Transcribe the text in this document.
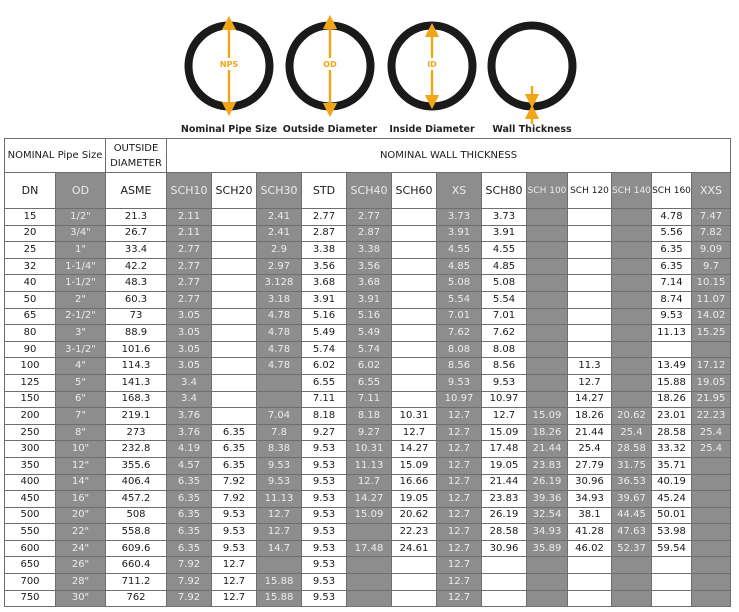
NPS
Nominal Pipe Size
OD
Outside Diameter
ID
Inside Diameter Wall Thickness
NOMINAL Pipe Size		OUTSIDE DIAMETER	NOMINAL WALL THICKNESS												
DN	OD	ASME	SCH10	SCH20	SCH30	STD	SCH40	SCH60	XS	SCH80	SCH 100	SCH 120	SCH 140	SCH 160	XXS
15	1/2"	21.3	2.11		2.41	2.77	2.77		3.73	3.73				4.78	7.47
20	3/4"	26.7	2.11		2.41	2.87	2.87		3.91	3.91				5.56	7.82
25	1"	33.4	2.77		2.9	3.38	3.38		4.55	4.55				6.35	9.09
32	1-1/4"	42.2	2.77		2.97	3.56	3.56		4.85	4.85				6.35	9.7
40	1-1/2"	48.3	2.77		3.128	3.68	3.68		5.08	5.08				7.14	10.15
50	2"	60.3	2.77		3.18	3.91	3.91		5.54	5.54				8.74	11.07
65	2-1/2"	73	3.05		4.78	5.16	5.16		7.01	7.01				9.53	14.02
80	3"	88.9	3.05		4.78	5.49	5.49		7.62	7.62				11.13	15.25
90	3-1/2"	101.6	3.05		4.78	5.74	5.74		8.08	8.08					
100	4"	114.3	3.05		4.78	6.02	6.02		8.56	8.56		11.3		13.49	17.12
125	5"	141.3	3.4			6.55	6.55		9.53	9.53		12.7		15.88	19.05
150	6"	168.3	3.4			7.11	7.11		10.97	10.97		14.27		18.26	21.95
200	7"	219.1	3.76		7.04	8.18	8.18	10.31	12.7	12.7	15.09	18.26	20.62	23.01	22.23
250	8"	273	3.76	6.35	7.8	9.27	9.27	12.7	12.7	15.09	18.26	21.44	25.4	28.58	25.4
300	10"	232.8	4.19	6.35	8.38	9.53	10.31	14.27	12.7	17.48	21.44	25.4	28.58	33.32	25.4
350	12"	355.6	4.57	6.35	9.53	9.53	11.13	15.09	12.7	19.05	23.83	27.79	31.75	35.71	
400	14"	406.4	6.35	7.92	9.53	9.53	12.7	16.66	12.7	21.44	26.19	30.96	36.53	40.19	
450	16"	457.2	6.35	7.92	11.13	9.53	14.27	19.05	12.7	23.83	39.36	34.93	39.67	45.24	
500	20"	508	6.35	9.53	12.7	9.53	15.09	20.62	12.7	26.19	32.54	38.1	44.45	50.01	
550	22"	558.8	6.35	9.53	12.7	9.53		22.23	12.7	28.58	34.93	41.28	47.63	53.98	
600	24"	609.6	6.35	9.53	14.7	9.53	17.48	24.61	12.7	30.96	35.89	46.02	52.37	59.54	
650	26"	660.4	7.92	12.7		9.53			12.7						
700	28"	711.2	7.92	12.7	15.88	9.53			12.7						
750	30"	762	7.92	12.7	15.88	9.53			12.7						
